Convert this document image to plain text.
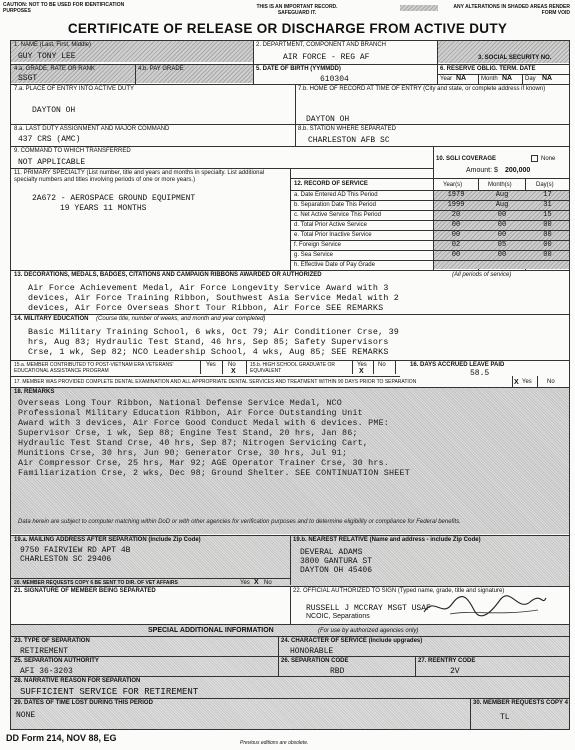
CAUTION: NOT TO BE USED FOR IDENTIFICATION PURPOSES
THIS IS AN IMPORTANT RECORD. SAFEGUARD IT.
ANY ALTERATIONS IN SHADED AREAS RENDER FORM VOID
CERTIFICATE OF RELEASE OR DISCHARGE FROM ACTIVE DUTY
1. NAME (Last, First, Middle)
GUY TONY LEE
2. DEPARTMENT, COMPONENT AND BRANCH
AIR FORCE - REG AF	3. SOCIAL SECURITY NO.
4.a. GRADE, RATE OR RANK
SSGT
4.b. PAY GRADE	5. DATE OF BIRTH (YYMMDD)
610304
6. RESERVE OBLIG. TERM. DATE
Year NA Month NA Day NA
7.a. PLACE OF ENTRY INTO ACTIVE DUTY
DAYTON OH
7.b. HOME OF RECORD AT TIME OF ENTRY (City and state, or complete address if known)
DAYTON OH
8.a. LAST DUTY ASSIGNMENT AND MAJOR COMMAND
437 CRS (AMC)
8.b. STATION WHERE SEPARATED
CHARLESTON AFB SC
9. COMMAND TO WHICH TRANSFERRED
NOT APPLICABLE	10. SGLI COVERAGE	None
Amount: $ 200,000
11. PRIMARY SPECIALTY (List number, title and years and months in specialty. List additional specialty numbers and titles involving periods of one or more years.)
2A672 - AEROSPACE GROUND EQUIPMENT
19 YEARS 11 MONTHS
12. RECORD OF SERVICE	Year(s)	Month(s)	Day(s)
a. Date Entered AD This Period	1979	Aug	17
b. Separation Date This Period	1999	Aug	31
c. Net Active Service This Period	20	00	15
d. Total Prior Active Service	00	00	00
e. Total Prior Inactive Service	00	00	00
f. Foreign Service	02	05	00
g. Sea Service	00	00	00
h. Effective Date of Pay Grade
13. DECORATIONS, MEDALS, BADGES, CITATIONS AND CAMPAIGN RIBBONS AWARDED OR AUTHORIZED	(All periods of service)
Air Force Achievement Medal, Air Force Longevity Service Award with 3
devices, Air Force Training Ribbon, Southwest Asia Service Medal with 2
devices, Air Force Overseas Short Tour Ribbon, Air Force SEE REMARKS
14. MILITARY EDUCATION (Course title, number of weeks, and month and year completed)
Basic Military Training School, 6 wks, Oct 79; Air Conditioner Crse, 39
hrs, Aug 83; Hydraulic Test Stand, 46 hrs, Sep 85; Safety Supervisors
Crse, 1 wk, Sep 82; NCO Leadership School, 4 wks, Aug 85; SEE REMARKS
15.a. MEMBER CONTRIBUTED TO POST-VIETNAM ERA VETERANS' EDUCATIONAL ASSISTANCE PROGRAM
Yes No
X
15.b. HIGH SCHOOL GRADUATE OR EQUIVALENT
Yes
X
No	16. DAYS ACCRUED LEAVE PAID
58.5
17. MEMBER WAS PROVIDED COMPLETE DENTAL EXAMINATION AND ALL APPROPRIATE DENTAL SERVICES AND TREATMENT WITHIN 90 DAYS PRIOR TO SEPARATION	X Yes	No
18. REMARKS
Overseas Long Tour Ribbon, National Defense Service Medal, NCO
Professional Military Education Ribbon, Air Force Outstanding Unit
Award with 3 devices, Air Force Good Conduct Medal with 6 devices. PME:
Supervisor Crse, 1 wk, Sep 88; Engine Test Stand, 20 hrs, Jan 86;
Hydraulic Test Stand Crse, 40 hrs, Sep 87; Nitrogen Servicing Cart,
Munitions Crse, 30 hrs, Jun 90; Generator Crse, 30 hrs, Jul 91;
Air Compressor Crse, 25 hrs, Mar 92; AGE Operator Trainer Crse, 30 hrs.
Familiarization Crse, 2 wks, Dec 98; Ground Shelter. SEE CONTINUATION SHEET
Data herein are subject to computer matching within DoD or with other agencies for verification purposes and to determine eligibility or compliance for Federal benefits.
19.a. MAILING ADDRESS AFTER SEPARATION (Include Zip Code)
9750 FAIRVIEW RD APT 4B
CHARLESTON SC 29406
19.b. NEAREST RELATIVE (Name and address - include Zip Code)
DEVERAL ADAMS
3800 GANTURA ST
DAYTON OH 45406
20. MEMBER REQUESTS COPY 6 BE SENT TO DIR. OF VET AFFAIRS	Yes X No
21. SIGNATURE OF MEMBER BEING SEPARATED	22. OFFICIAL AUTHORIZED TO SIGN (Typed name, grade, title and signature)
RUSSELL J MCCRAY MSGT USAF
NCOIC, Separations
SPECIAL ADDITIONAL INFORMATION	(For use by authorized agencies only)
23. TYPE OF SEPARATION
RETIREMENT
24. CHARACTER OF SERVICE (Include upgrades)
HONORABLE
25. SEPARATION AUTHORITY
AFI 36-3203
26. SEPARATION CODE
RBD
27. REENTRY CODE
2V
28. NARRATIVE REASON FOR SEPARATION
SUFFICIENT SERVICE FOR RETIREMENT
29. DATES OF TIME LOST DURING THIS PERIOD
NONE
30. MEMBER REQUESTS COPY 4
TL
DD Form 214, NOV 88, EG	Previous editions are obsolete.
